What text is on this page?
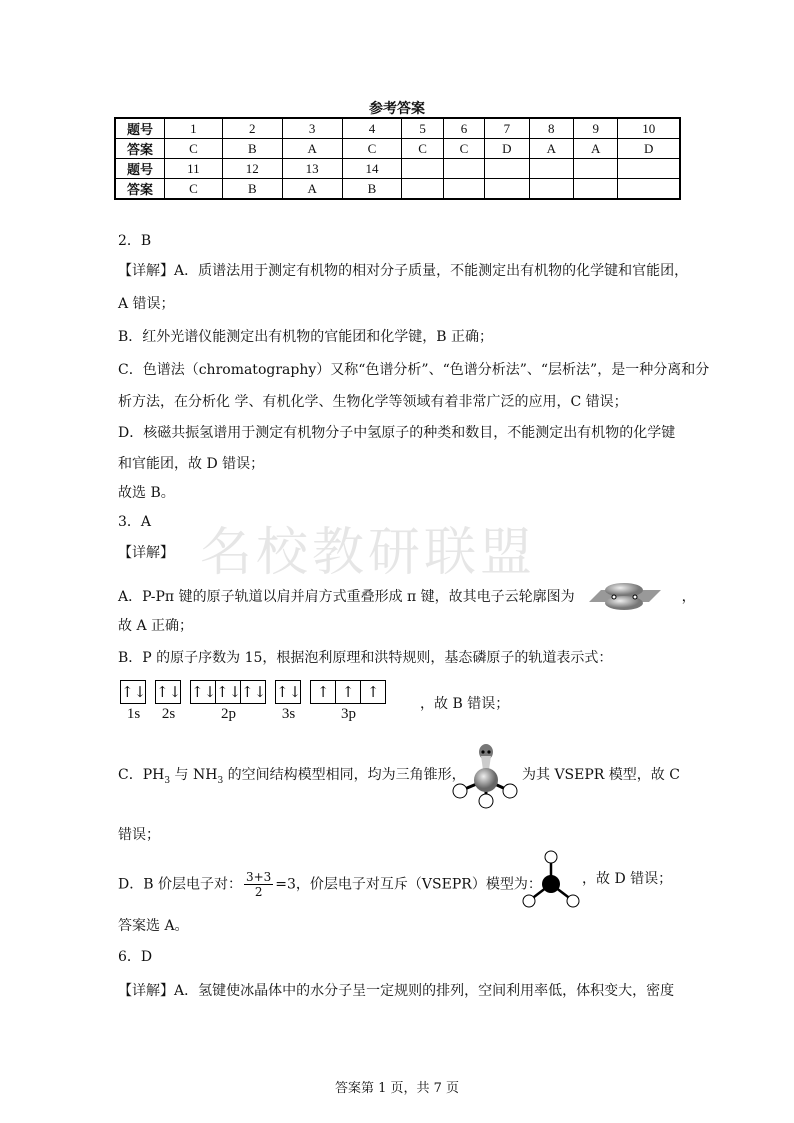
参考答案
题号	1	2	3	4	5	6	7	8	9	10
答案	C	B	A	C	C	C	D	A	A	D
题号	11	12	13	14						
答案	C	B	A	B						
名校教研联盟
2．B
【详解】A．质谱法用于测定有机物的相对分子质量，不能测定出有机物的化学键和官能团，
A 错误；
B．红外光谱仪能测定出有机物的官能团和化学键，B 正确；
C．色谱法（chromatography）又称“色谱分析”、“色谱分析法”、“层析法”，是一种分离和分
析方法，在分析化 学、有机化学、生物化学等领域有着非常广泛的应用，C 错误；
D．核磁共振氢谱用于测定有机物分子中氢原子的种类和数目，不能测定出有机物的化学键
和官能团，故 D 错误；
故选 B。
3．A
【详解】
A．P-Pπ 键的原子轨道以肩并肩方式重叠形成 π 键，故其电子云轮廓图为	，
故 A 正确；
B．P 的原子序数为 15，根据泡利原理和洪特规则，基态磷原子的轨道表示式：
↑↓
1s
↑↓
2s
↑↓ ↑↓ ↑↓
2p
↑↓
3s
↑ ↑ ↑
3p
，故 B 错误；
C．$PH_3$ 与 $NH_3$ 的空间结构模型相同，均为三角锥形，	为其 VSEPR 模型，故 C
错误；
D．B 价层电子对： $\frac{3+3}{2} =3$，价层电子对互斥（VSEPR）模型为：	，故 D 错误；
答案选 A。
6．D
【详解】A．氢键使冰晶体中的水分子呈一定规则的排列，空间利用率低，体积变大，密度
答案第 1 页，共 7 页
